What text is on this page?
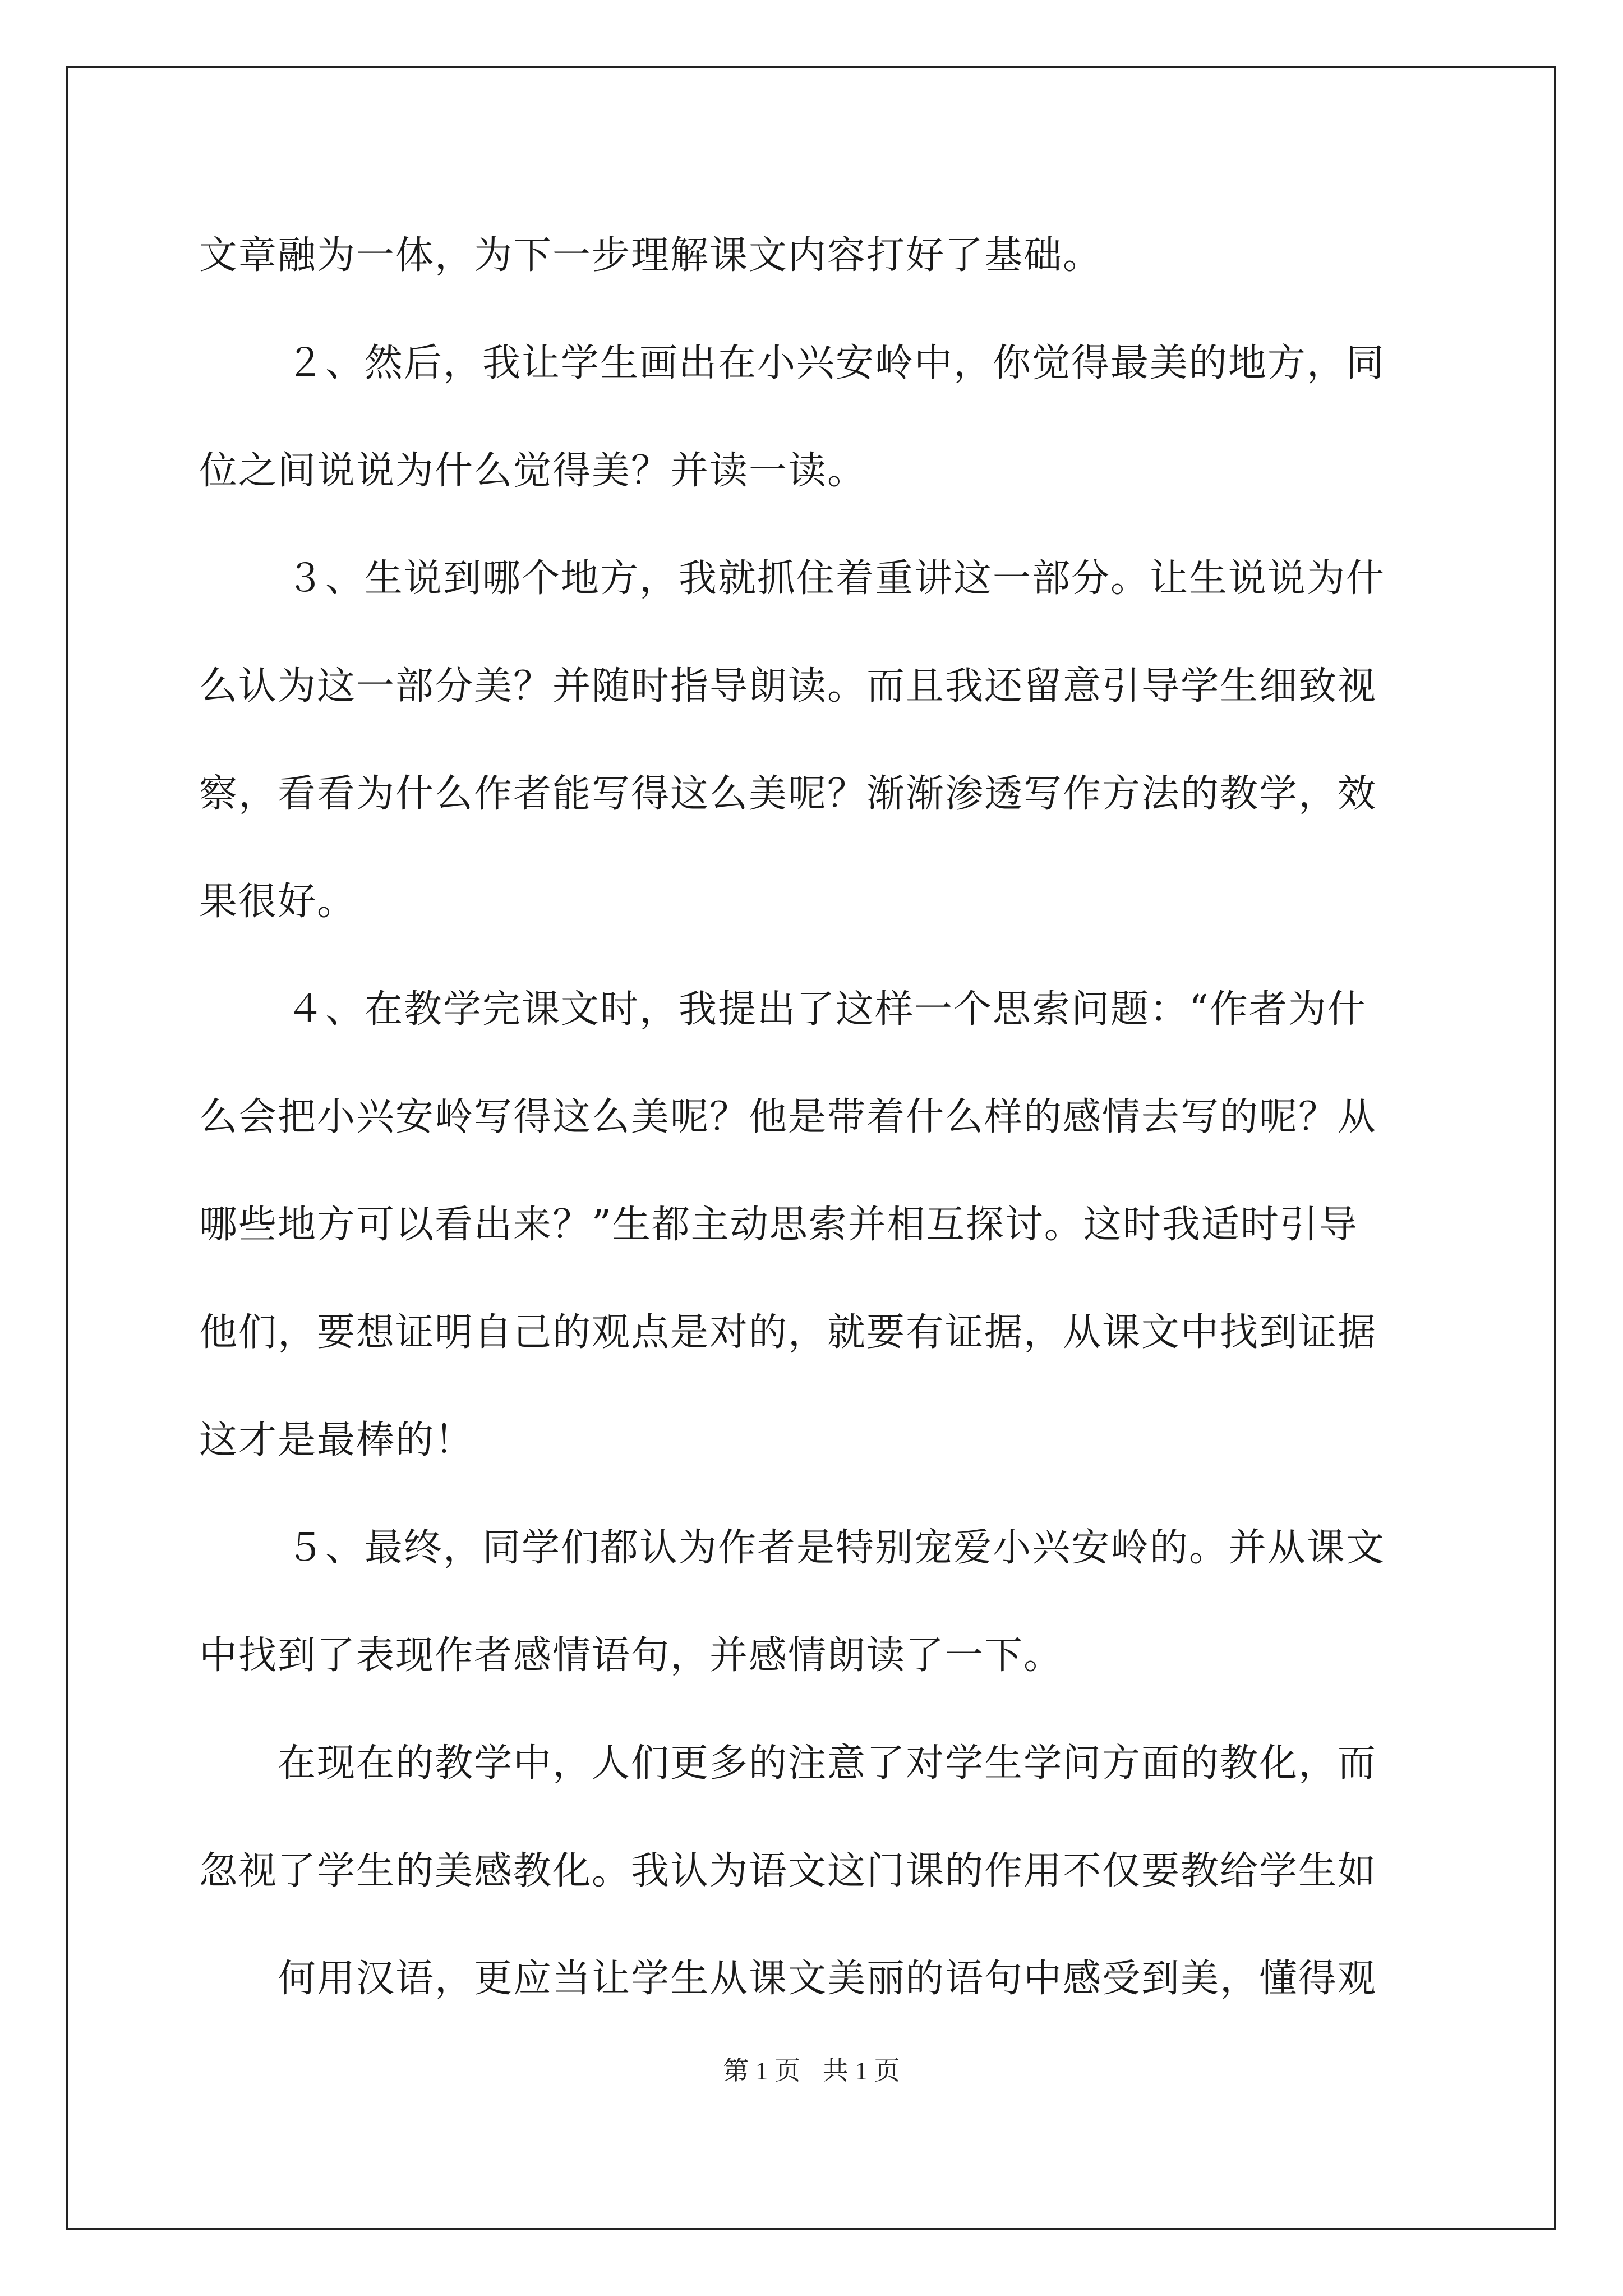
文章融为一体，为下一步理解课文内容打好了基础。
２、然后，我让学生画出在小兴安岭中，你觉得最美的地方，同
位之间说说为什么觉得美？并读一读。
３、生说到哪个地方，我就抓住着重讲这一部分。让生说说为什
么认为这一部分美？并随时指导朗读。而且我还留意引导学生细致视
察，看看为什么作者能写得这么美呢？渐渐渗透写作方法的教学，效
果很好。
４、在教学完课文时，我提出了这样一个思索问题：“作者为什
么会把小兴安岭写得这么美呢？他是带着什么样的感情去写的呢？从
哪些地方可以看出来？”生都主动思索并相互探讨。这时我适时引导
他们，要想证明自己的观点是对的，就要有证据，从课文中找到证据
这才是最棒的！
５、最终，同学们都认为作者是特别宠爱小兴安岭的。并从课文
中找到了表现作者感情语句，并感情朗读了一下。
在现在的教学中，人们更多的注意了对学生学问方面的教化，而
忽视了学生的美感教化。我认为语文这门课的作用不仅要教给学生如
何用汉语，更应当让学生从课文美丽的语句中感受到美，懂得观
第 1 页 共 1 页
